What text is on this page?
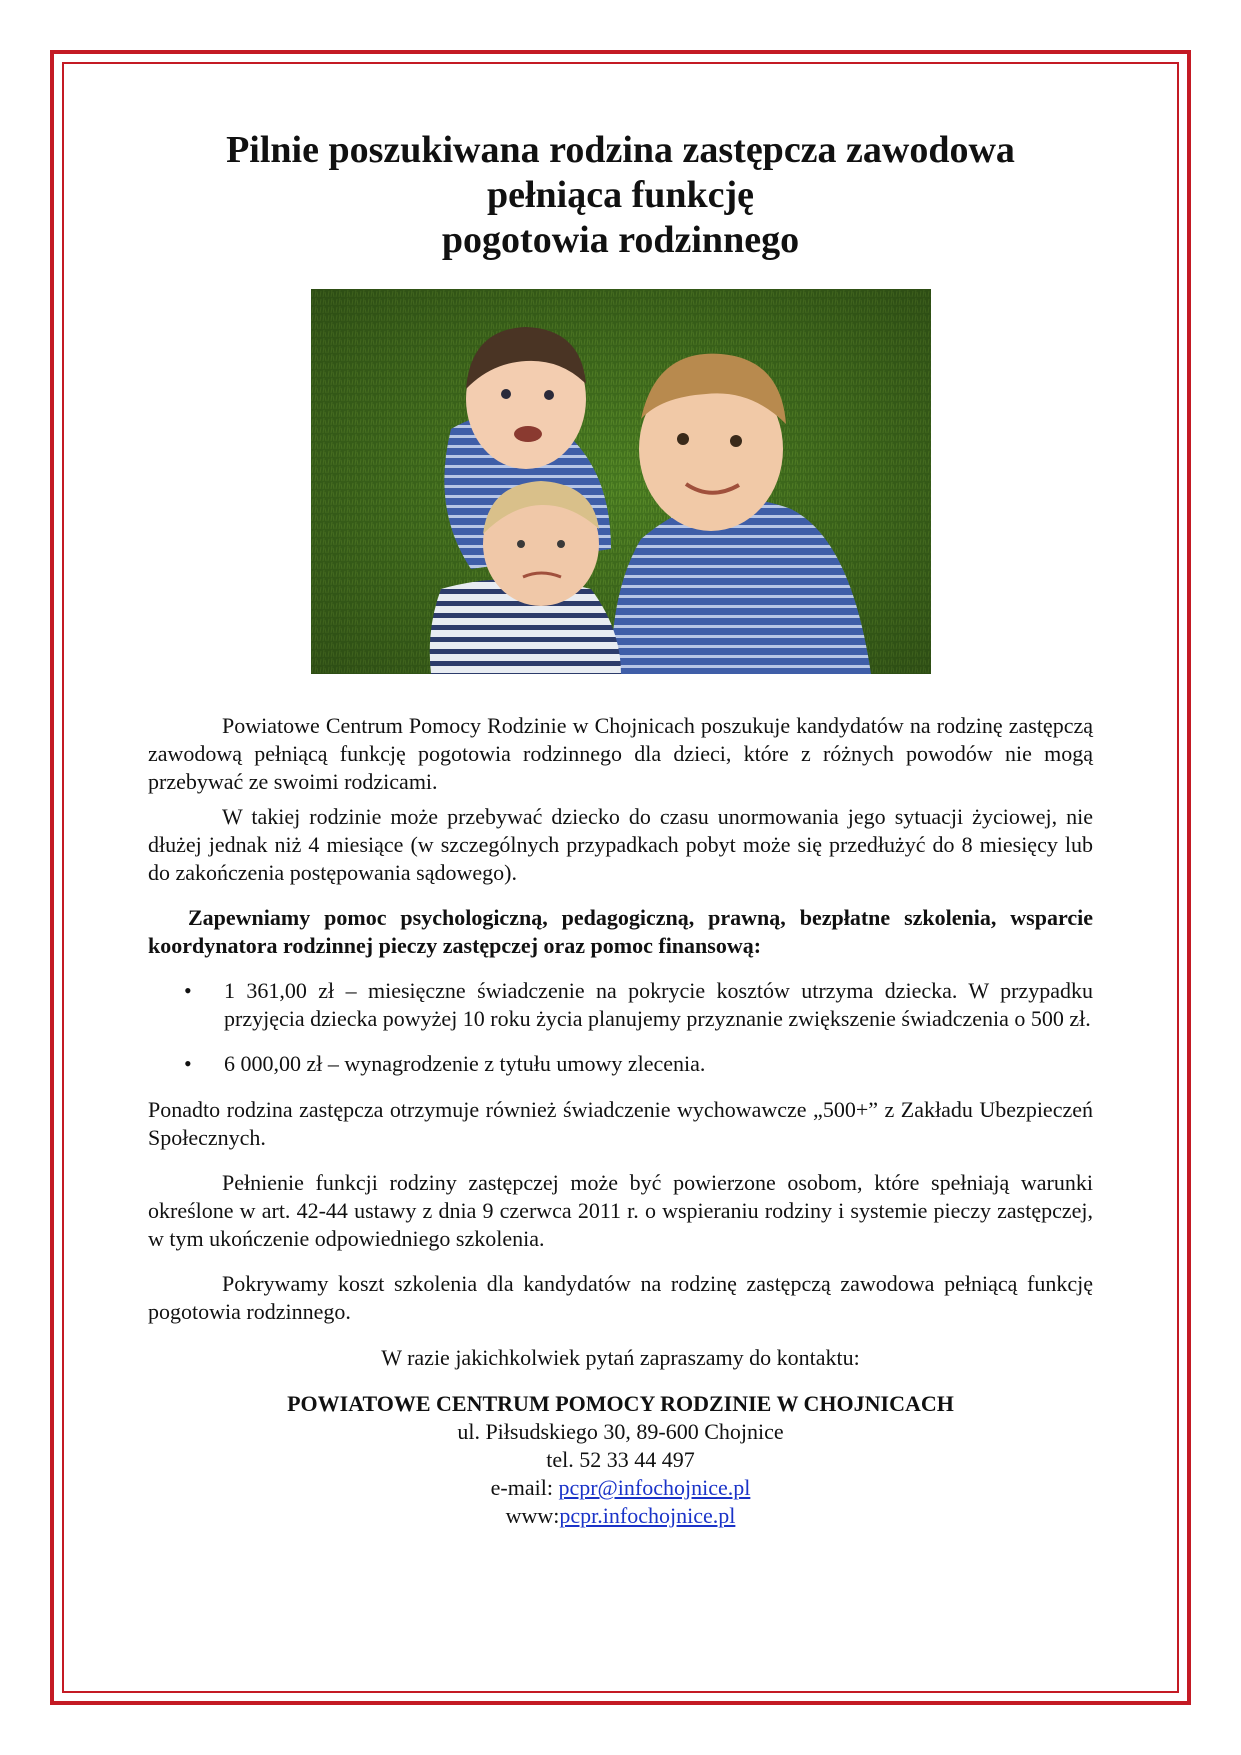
Pilnie poszukiwana rodzina zastępcza zawodowa
pełniąca funkcję
pogotowia rodzinnego

Powiatowe Centrum Pomocy Rodzinie w Chojnicach poszukuje kandydatów na rodzinę zastępczą zawodową pełniącą funkcję pogotowia rodzinnego dla dzieci, które z różnych powodów nie mogą przebywać ze swoimi rodzicami.

W takiej rodzinie może przebywać dziecko do czasu unormowania jego sytuacji życiowej, nie dłużej jednak niż 4 miesiące (w szczególnych przypadkach pobyt może się przedłużyć do 8 miesięcy lub do zakończenia postępowania sądowego).

Zapewniamy pomoc psychologiczną, pedagogiczną, prawną, bezpłatne szkolenia, wsparcie koordynatora rodzinnej pieczy zastępczej oraz pomoc finansową:

• 1 361,00 zł – miesięczne świadczenie na pokrycie kosztów utrzyma dziecka. W przypadku przyjęcia dziecka powyżej 10 roku życia planujemy przyznanie zwiększenie świadczenia o 500 zł.
• 6 000,00 zł – wynagrodzenie z tytułu umowy zlecenia.

Ponadto rodzina zastępcza otrzymuje również świadczenie wychowawcze „500+” z Zakładu Ubezpieczeń Społecznych.

Pełnienie funkcji rodziny zastępczej może być powierzone osobom, które spełniają warunki określone w art. 42-44 ustawy z dnia 9 czerwca 2011 r. o wspieraniu rodziny i systemie pieczy zastępczej, w tym ukończenie odpowiedniego szkolenia.

Pokrywamy koszt szkolenia dla kandydatów na rodzinę zastępczą zawodowa pełniącą funkcję pogotowia rodzinnego.

W razie jakichkolwiek pytań zapraszamy do kontaktu:

POWIATOWE CENTRUM POMOCY RODZINIE W CHOJNICACH
ul. Piłsudskiego 30, 89-600 Chojnice
tel. 52 33 44 497
e-mail: pcpr@infochojnice.pl
www:pcpr.infochojnice.pl
